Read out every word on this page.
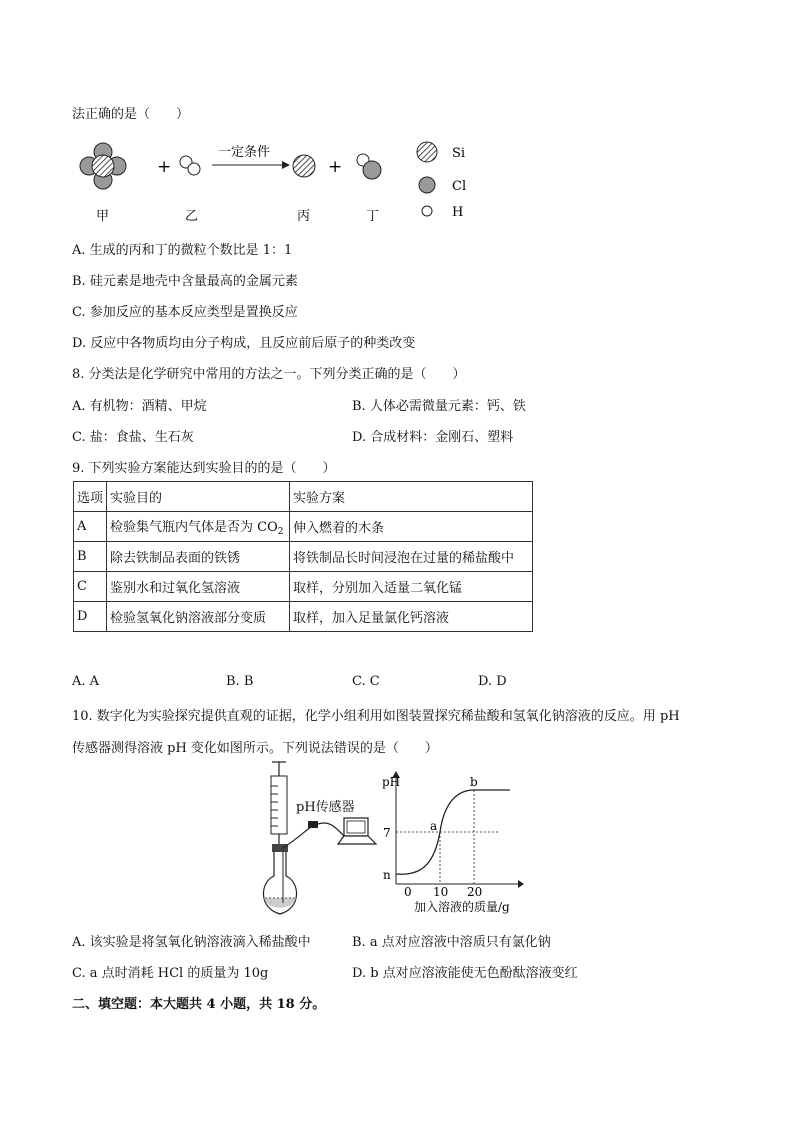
法正确的是（　　）
+
一定条件
+
Si
Cl
H
甲	乙	丙	丁
A. 生成的丙和丁的微粒个数比是 1：1
B. 硅元素是地壳中含量最高的金属元素
C. 参加反应的基本反应类型是置换反应
D. 反应中各物质均由分子构成，且反应前后原子的种类改变
8. 分类法是化学研究中常用的方法之一。下列分类正确的是（　　）
A. 有机物：酒精、甲烷	B. 人体必需微量元素：钙、铁
C. 盐：食盐、生石灰	D. 合成材料：金刚石、塑料
9. 下列实验方案能达到实验目的的是（　　）
选项	实验目的	实验方案
A	检验集气瓶内气体是否为 $CO_2$	伸入燃着的木条
B	除去铁制品表面的铁锈	将铁制品长时间浸泡在过量的稀盐酸中
C	鉴别水和过氧化氢溶液	取样，分别加入适量二氧化锰
D	检验氢氧化钠溶液部分变质	取样，加入足量氯化钙溶液
A. A	B. B	C. C	D. D
10. 数字化为实验探究提供直观的证据，化学小组利用如图装置探究稀盐酸和氢氧化钠溶液的反应。用 pH
传感器测得溶液 pH 变化如图所示。下列说法错误的是（　　）
pH传感器
pH
7
n
a
b
0 10 20
加入溶液的质量/g
A. 该实验是将氢氧化钠溶液滴入稀盐酸中	B. a 点对应溶液中溶质只有氯化钠
C. a 点时消耗 HCl 的质量为 10g	D. b 点对应溶液能使无色酚酞溶液变红
二、填空题：本大题共 4 小题，共 18 分。
